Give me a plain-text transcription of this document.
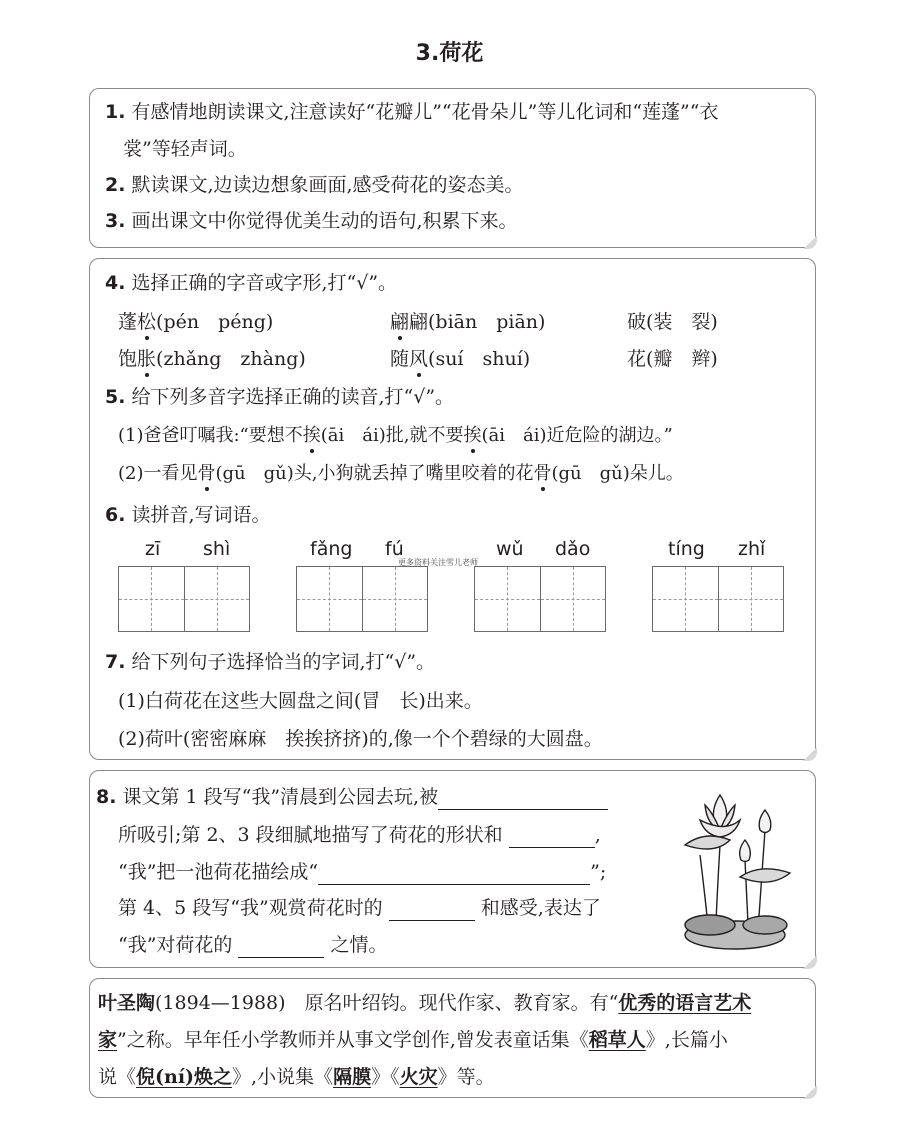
3.荷花
1. 有感情地朗读课文,注意读好“花瓣儿”“花骨朵儿”等儿化词和“莲蓬”“衣
裳”等轻声词。
2. 默读课文,边读边想象画面,感受荷花的姿态美。
3. 画出课文中你觉得优美生动的语句,积累下来。
4. 选择正确的字音或字形,打“√”。
蓬松(pén　péng)	翩翩(biān　piān)	破(装　裂)
饱胀(zhǎng　zhàng)	随风(suí　shuí)	花(瓣　辫)
5. 给下列多音字选择正确的读音,打“√”。
(1)爸爸叮嘱我:“要想不挨(āi　ái)批,就不要挨(āi　ái)近危险的湖边。”
(2)一看见骨(gū　gǔ)头,小狗就丢掉了嘴里咬着的花骨(gū　gǔ)朵儿。
6. 读拼音,写词语。
zī shì	fǎng fú	wǔ dǎo	tíng zhǐ
更多资料关注雪儿老师
7. 给下列句子选择恰当的字词,打“√”。
(1)白荷花在这些大圆盘之间(冒　长)出来。
(2)荷叶(密密麻麻　挨挨挤挤)的,像一个个碧绿的大圆盘。
8. 课文第 1 段写“我”清晨到公园去玩,被
所吸引;第 2、3 段细腻地描写了荷花的形状和	,
“我”把一池荷花描绘成“	”;
第 4、5 段写“我”观赏荷花时的	和感受,表达了
“我”对荷花的	之情。
叶圣陶(1894—1988)　 原名叶绍钧。现代作家、教育家。有“优秀的语言艺术
家”之称。早年任小学教师并从事文学创作,曾发表童话集《稻草人》,长篇小
说《倪(ní)焕之》,小说集《隔膜》《火灾》等。
